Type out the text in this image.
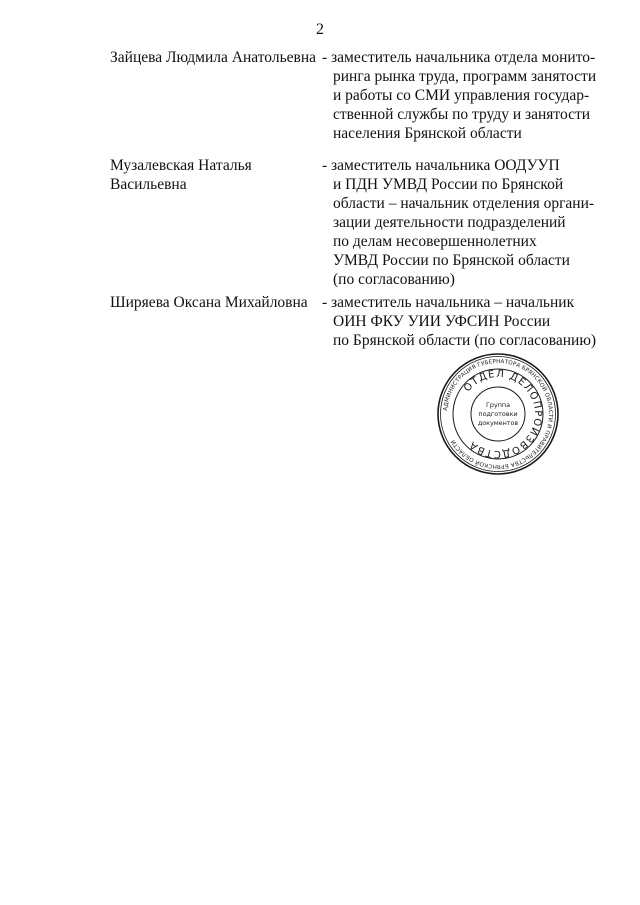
2
Зайцева Людмила Анатольевна - заместитель начальника отдела монито-
ринга рынка труда, программ занятости
и работы со СМИ управления государ-
ственной службы по труду и занятости
населения Брянской области
Музалевская Наталья
Васильевна
- заместитель начальника ООДУУП
и ПДН УМВД России по Брянской
области – начальник отделения органи-
зации деятельности подразделений
по делам несовершеннолетних
УМВД России по Брянской области
(по согласованию)
Ширяева Оксана Михайловна - заместитель начальника – начальник
ОИН ФКУ УИИ УФСИН России
по Брянской области (по согласованию)
АДМИНИСТРАЦИЯ ГУБЕРНАТОРА БРЯНСКОЙ ОБЛАСТИ И ПРАВИТЕЛЬСТВА БРЯНСКОЙ ОБЛАСТИ
ОТДЕЛ ДЕЛОПРОИЗВОДСТВА
Группа
подготовки
документов
